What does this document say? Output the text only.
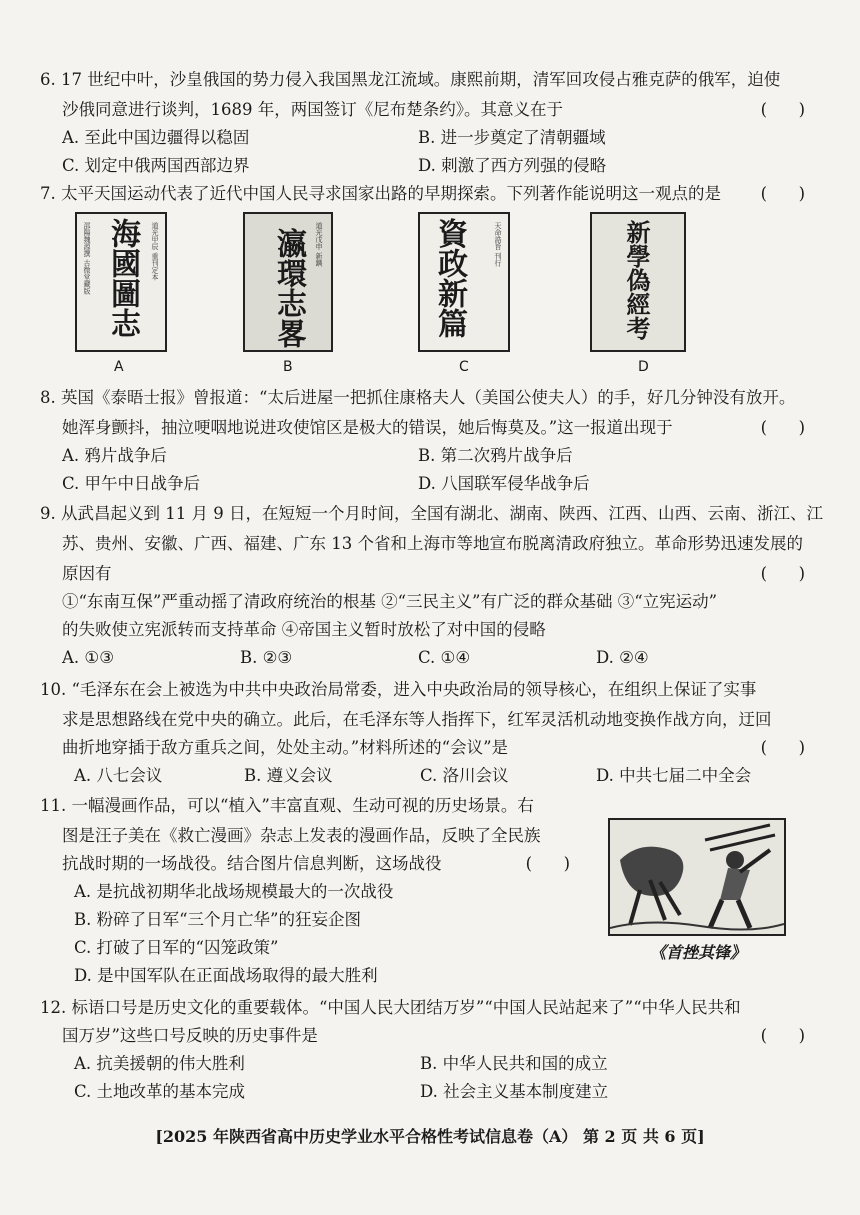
6. 17 世纪中叶，沙皇俄国的势力侵入我国黑龙江流域。康熙前期，清军回攻侵占雅克萨的俄军，迫使
沙俄同意进行谈判，1689 年，两国签订《尼布楚条约》。其意义在于	(      )
A. 至此中国边疆得以稳固	B. 进一步奠定了清朝疆域
C. 划定中俄两国西部边界	D. 刺激了西方列强的侵略
7. 太平天国运动代表了近代中国人民寻求国家出路的早期探索。下列著作能说明这一观点的是	(      )
海國圖志
邵陽魏源撰 古微堂藏版	道光甲辰 重刊定本	瀛環志畧 道光戊申 新鐫	資政新篇	天命誥旨 刊行	新學偽經考
A	B	C	D
8. 英国《泰晤士报》曾报道：“太后进屋一把抓住康格夫人（美国公使夫人）的手，好几分钟没有放开。
她浑身颤抖，抽泣哽咽地说进攻使馆区是极大的错误，她后悔莫及。”这一报道出现于	(      )
A. 鸦片战争后	B. 第二次鸦片战争后
C. 甲午中日战争后	D. 八国联军侵华战争后
9. 从武昌起义到 11 月 9 日，在短短一个月时间，全国有湖北、湖南、陕西、江西、山西、云南、浙江、江
苏、贵州、安徽、广西、福建、广东 13 个省和上海市等地宣布脱离清政府独立。革命形势迅速发展的
原因有	(      )
①“东南互保”严重动摇了清政府统治的根基 ②“三民主义”有广泛的群众基础 ③“立宪运动”
的失败使立宪派转而支持革命 ④帝国主义暂时放松了对中国的侵略
A. ①③	B. ②③	C. ①④	D. ②④
10. “毛泽东在会上被选为中共中央政治局常委，进入中央政治局的领导核心，在组织上保证了实事
求是思想路线在党中央的确立。此后，在毛泽东等人指挥下，红军灵活机动地变换作战方向，迂回
曲折地穿插于敌方重兵之间，处处主动。”材料所述的“会议”是	(      )
A. 八七会议	B. 遵义会议	C. 洛川会议	D. 中共七届二中全会
11. 一幅漫画作品，可以“植入”丰富直观、生动可视的历史场景。右
图是汪子美在《救亡漫画》杂志上发表的漫画作品，反映了全民族
抗战时期的一场战役。结合图片信息判断，这场战役	(      )
A. 是抗战初期华北战场规模最大的一次战役
B. 粉碎了日军“三个月亡华”的狂妄企图
C. 打破了日军的“囚笼政策”
D. 是中国军队在正面战场取得的最大胜利
《首挫其锋》
12. 标语口号是历史文化的重要载体。“中国人民大团结万岁”“中国人民站起来了”“中华人民共和
国万岁”这些口号反映的历史事件是	(      )
A. 抗美援朝的伟大胜利	B. 中华人民共和国的成立
C. 土地改革的基本完成	D. 社会主义基本制度建立
[2025 年陕西省高中历史学业水平合格性考试信息卷（A） 第 2 页 共 6 页]
